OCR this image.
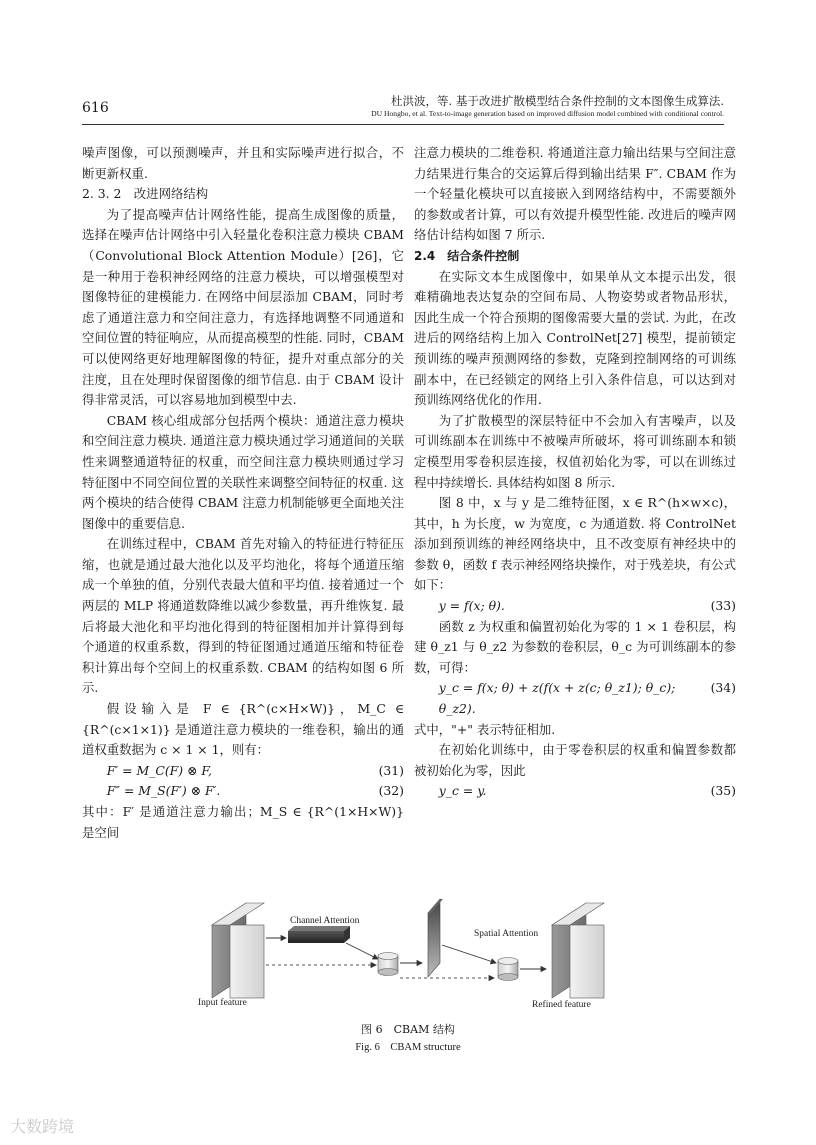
616	杜洪波，等. 基于改进扩散模型结合条件控制的文本图像生成算法.
DU Hongbo, et al. Text-to-image generation based on improved diffusion model combined with conditional control.

噪声图像，可以预测噪声，并且和实际噪声进行拟合，不断更新权重.

2. 3. 2　改进网络结构

为了提高噪声估计网络性能，提高生成图像的质量，选择在噪声估计网络中引入轻量化卷积注意力模块 CBAM（Convolutional Block Attention Module）[26]，它是一种用于卷积神经网络的注意力模块，可以增强模型对图像特征的建模能力. 在网络中间层添加 CBAM，同时考虑了通道注意力和空间注意力，有选择地调整不同通道和空间位置的特征响应，从而提高模型的性能. 同时，CBAM 可以使网络更好地理解图像的特征，提升对重点部分的关注度，且在处理时保留图像的细节信息. 由于 CBAM 设计得非常灵活，可以容易地加到模型中去.

CBAM 核心组成部分包括两个模块：通道注意力模块和空间注意力模块. 通道注意力模块通过学习通道间的关联性来调整通道特征的权重，而空间注意力模块则通过学习特征图中不同空间位置的关联性来调整空间特征的权重. 这两个模块的结合使得 CBAM 注意力机制能够更全面地关注图像中的重要信息.

在训练过程中，CBAM 首先对输入的特征进行特征压缩，也就是通过最大池化以及平均池化，将每个通道压缩成一个单独的值，分别代表最大值和平均值. 接着通过一个两层的 MLP 将通道数降维以减少参数量，再升维恢复. 最后将最大池化和平均池化得到的特征图相加并计算得到每个通道的权重系数，得到的特征图通过通道压缩和特征卷积计算出每个空间上的权重系数. CBAM 的结构如图 6 所示.

假设输入是 F ∈ {R^(c×H×W)}，M_C ∈ {R^(c×1×1)} 是通道注意力模块的一维卷积，输出的通道权重数据为 c × 1 × 1，则有：

F′ = M_C(F) ⊗ F,	(31)
F″ = M_S(F′) ⊗ F′.	(32)

其中：F′ 是通道注意力输出；M_S ∈ {R^(1×H×W)} 是空间

注意力模块的二维卷积. 将通道注意力输出结果与空间注意力结果进行集合的交运算后得到输出结果 F″. CBAM 作为一个轻量化模块可以直接嵌入到网络结构中，不需要额外的参数或者计算，可以有效提升模型性能. 改进后的噪声网络估计结构如图 7 所示.

2.4　结合条件控制

在实际文本生成图像中，如果单从文本提示出发，很难精确地表达复杂的空间布局、人物姿势或者物品形状，因此生成一个符合预期的图像需要大量的尝试. 为此，在改进后的网络结构上加入 ControlNet[27] 模型，提前锁定预训练的噪声预测网络的参数，克隆到控制网络的可训练副本中，在已经锁定的网络上引入条件信息，可以达到对预训练网络优化的作用.

为了扩散模型的深层特征中不会加入有害噪声，以及可训练副本在训练中不被噪声所破坏，将可训练副本和锁定模型用零卷积层连接，权值初始化为零，可以在训练过程中持续增长. 具体结构如图 8 所示.

图 8 中，x 与 y 是二维特征图，x ∈ R^(h×w×c)，其中，h 为长度，w 为宽度，c 为通道数. 将 ControlNet 添加到预训练的神经网络块中，且不改变原有神经块中的参数 θ，函数 f 表示神经网络块操作，对于残差块，有公式如下：

y = f(x; θ).	(33)

函数 z 为权重和偏置初始化为零的 1 × 1 卷积层，构建 θ_z1 与 θ_z2 为参数的卷积层，θ_c 为可训练副本的参数，可得：

y_c = f(x; θ) + z(f(x + z(c; θ_z1); θ_c); θ_z2).
(34)

式中，"+" 表示特征相加.

在初始化训练中，由于零卷积层的权重和偏置参数都被初始化为零，因此

y_c = y.	(35)
Input feature
Channel Attention
Spatial Attention
Refined feature
图 6　CBAM 结构
Fig. 6　CBAM structure
大数跨境
